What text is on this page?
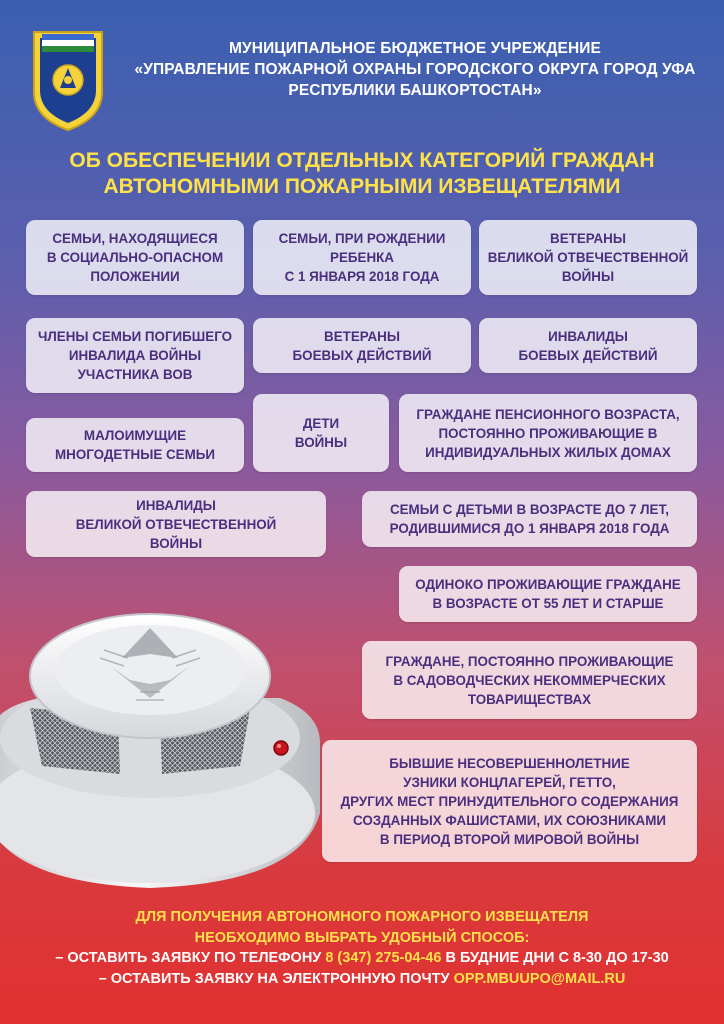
МУНИЦИПАЛЬНОЕ БЮДЖЕТНОЕ УЧРЕЖДЕНИЕ
«УПРАВЛЕНИЕ ПОЖАРНОЙ ОХРАНЫ ГОРОДСКОГО ОКРУГА ГОРОД УФА
РЕСПУБЛИКИ БАШКОРТОСТАН»
ОБ ОБЕСПЕЧЕНИИ ОТДЕЛЬНЫХ КАТЕГОРИЙ ГРАЖДАН
АВТОНОМНЫМИ ПОЖАРНЫМИ ИЗВЕЩАТЕЛЯМИ
СЕМЬИ, НАХОДЯЩИЕСЯ
В СОЦИАЛЬНО-ОПАСНОМ
ПОЛОЖЕНИИ
СЕМЬИ, ПРИ РОЖДЕНИИ
РЕБЕНКА
С 1 ЯНВАРЯ 2018 ГОДА
ВЕТЕРАНЫ
ВЕЛИКОЙ ОТВЕЧЕСТВЕННОЙ
ВОЙНЫ
ЧЛЕНЫ СЕМЬИ ПОГИБШЕГО
ИНВАЛИДА ВОЙНЫ
УЧАСТНИКА ВОВ
ВЕТЕРАНЫ
БОЕВЫХ ДЕЙСТВИЙ
ИНВАЛИДЫ
БОЕВЫХ ДЕЙСТВИЙ
ДЕТИ
ВОЙНЫ
ГРАЖДАНЕ ПЕНСИОННОГО ВОЗРАСТА,
ПОСТОЯННО ПРОЖИВАЮЩИЕ В
ИНДИВИДУАЛЬНЫХ ЖИЛЫХ ДОМАХ
МАЛОИМУЩИЕ
МНОГОДЕТНЫЕ СЕМЬИ
ИНВАЛИДЫ
ВЕЛИКОЙ ОТВЕЧЕСТВЕННОЙ
ВОЙНЫ
СЕМЬИ С ДЕТЬМИ В ВОЗРАСТЕ ДО 7 ЛЕТ,
РОДИВШИМИСЯ ДО 1 ЯНВАРЯ 2018 ГОДА
ОДИНОКО ПРОЖИВАЮЩИЕ ГРАЖДАНЕ
В ВОЗРАСТЕ ОТ 55 ЛЕТ И СТАРШЕ
ГРАЖДАНЕ, ПОСТОЯННО ПРОЖИВАЮЩИЕ
В САДОВОДЧЕСКИХ НЕКОММЕРЧЕСКИХ
ТОВАРИЩЕСТВАХ
БЫВШИЕ НЕСОВЕРШЕННОЛЕТНИЕ
УЗНИКИ КОНЦЛАГЕРЕЙ, ГЕТТО,
ДРУГИХ МЕСТ ПРИНУДИТЕЛЬНОГО СОДЕРЖАНИЯ
СОЗДАННЫХ ФАШИСТАМИ, ИХ СОЮЗНИКАМИ
В ПЕРИОД ВТОРОЙ МИРОВОЙ ВОЙНЫ
ДЛЯ ПОЛУЧЕНИЯ АВТОНОМНОГО ПОЖАРНОГО ИЗВЕЩАТЕЛЯ
НЕОБХОДИМО ВЫБРАТЬ УДОБНЫЙ СПОСОБ:
– ОСТАВИТЬ ЗАЯВКУ ПО ТЕЛЕФОНУ 8 (347) 275-04-46 В БУДНИЕ ДНИ С 8-30 ДО 17-30
– ОСТАВИТЬ ЗАЯВКУ НА ЭЛЕКТРОННУЮ ПОЧТУ OPP.MBUUPO@MAIL.RU
